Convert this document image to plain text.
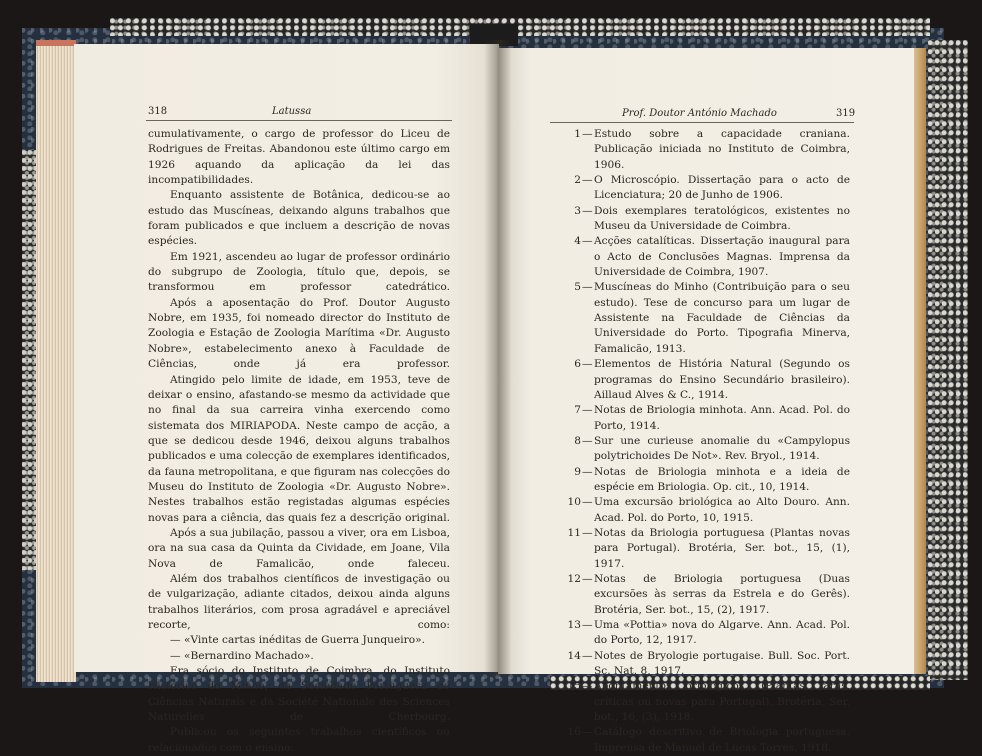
318	Latussa

cumulativamente, o cargo de professor do Liceu de Rodrigues de Freitas. Abandonou este último cargo em 1926 aquando da aplicação da lei das incompatibilidades.

Enquanto assistente de Botânica, dedicou-se ao estudo das Muscíneas, deixando alguns trabalhos que foram publicados e que incluem a descrição de novas espécies.

Em 1921, ascendeu ao lugar de professor ordinário do subgrupo de Zoologia, título que, depois, se transformou em professor catedrático.

Após a aposentação do Prof. Doutor Augusto Nobre, em 1935, foi nomeado director do Instituto de Zoologia e Estação de Zoologia Marítima «Dr. Augusto Nobre», estabelecimento anexo à Faculdade de Ciências, onde já era professor.

Atingido pelo limite de idade, em 1953, teve de deixar o ensino, afastando-se mesmo da actividade que no final da sua carreira vinha exercendo como sistemata dos MIRIAPODA. Neste campo de acção, a que se dedicou desde 1946, deixou alguns trabalhos publicados e uma colecção de exemplares identificados, da fauna metropolitana, e que figuram nas colecções do Museu do Instituto de Zoologia «Dr. Augusto Nobre». Nestes trabalhos estão registadas algumas espécies novas para a ciência, das quais fez a descrição original.

Após a sua jubilação, passou a viver, ora em Lisboa, ora na sua casa da Quinta da Cividade, em Joane, Vila Nova de Famalicão, onde faleceu.

Além dos trabalhos científicos de investigação ou de vulgarização, adiante citados, deixou ainda alguns trabalhos literários, com prosa agradável e apreciável recorte, como:

— «Vinte cartas inéditas de Guerra Junqueiro».

— «Bernardino Machado».

Era sócio do Instituto de Coimbra, do Instituto Histórico do Minho, da Sociedade Portuguesa de Ciências Naturais e da Société Nationale des Sciences Naturelles de Cherbourg.

Publicou os seguintes trabalhos científicos ou relacionados com o ensino:

Prof. Doutor António Machado	319
1 — Estudo sobre a capacidade craniana. Publicação iniciada no Instituto de Coimbra, 1906.
2 — O Microscópio. Dissertação para o acto de Licenciatura; 20 de Junho de 1906.
3 — Dois exemplares teratológicos, existentes no Museu da Universidade de Coimbra.
4 — Acções catalíticas. Dissertação inaugural para o Acto de Conclusões Magnas. Imprensa da Universidade de Coimbra, 1907.
5 — Muscíneas do Minho (Contribuição para o seu estudo). Tese de concurso para um lugar de Assistente na Faculdade de Ciências da Universidade do Porto. Tipografia Minerva, Famalicão, 1913.
6 — Elementos de História Natural (Segundo os programas do Ensino Secundário brasileiro). Aillaud Alves & C., 1914.
7 — Notas de Briologia minhota. Ann. Acad. Pol. do Porto, 1914.
8 — Sur une curieuse anomalie du «Campylopus polytrichoides De Not». Rev. Bryol., 1914.
9 — Notas de Briologia minhota e a ideia de espécie em Briologia. Op. cit., 10, 1914.
10 — Uma excursão briológica ao Alto Douro. Ann. Acad. Pol. do Porto, 10, 1915.
11 — Notas da Briologia portuguesa (Plantas novas para Portugal). Brotéria, Ser. bot., 15, (1), 1917.
12 — Notas de Briologia portuguesa (Duas excursões às serras da Estrela e do Gerês). Brotéria, Ser. bot., 15, (2), 1917.
13 — Uma «Pottia» nova do Algarve. Ann. Acad. Pol. do Porto, 12, 1917.
14 — Notes de Bryologie portugaise. Bull. Soc. Port. Sc. Nat. 8, 1917.
15 — Apontamentos briológicos. (Plantas raras, críticas ou novas para Portugal). Brotéria, Ser. bot., 16, (3), 1918.
16 — Catálogo descritivo de Briologia portuguesa. Imprensa de Manuel de Lucas Torres, 1918.
